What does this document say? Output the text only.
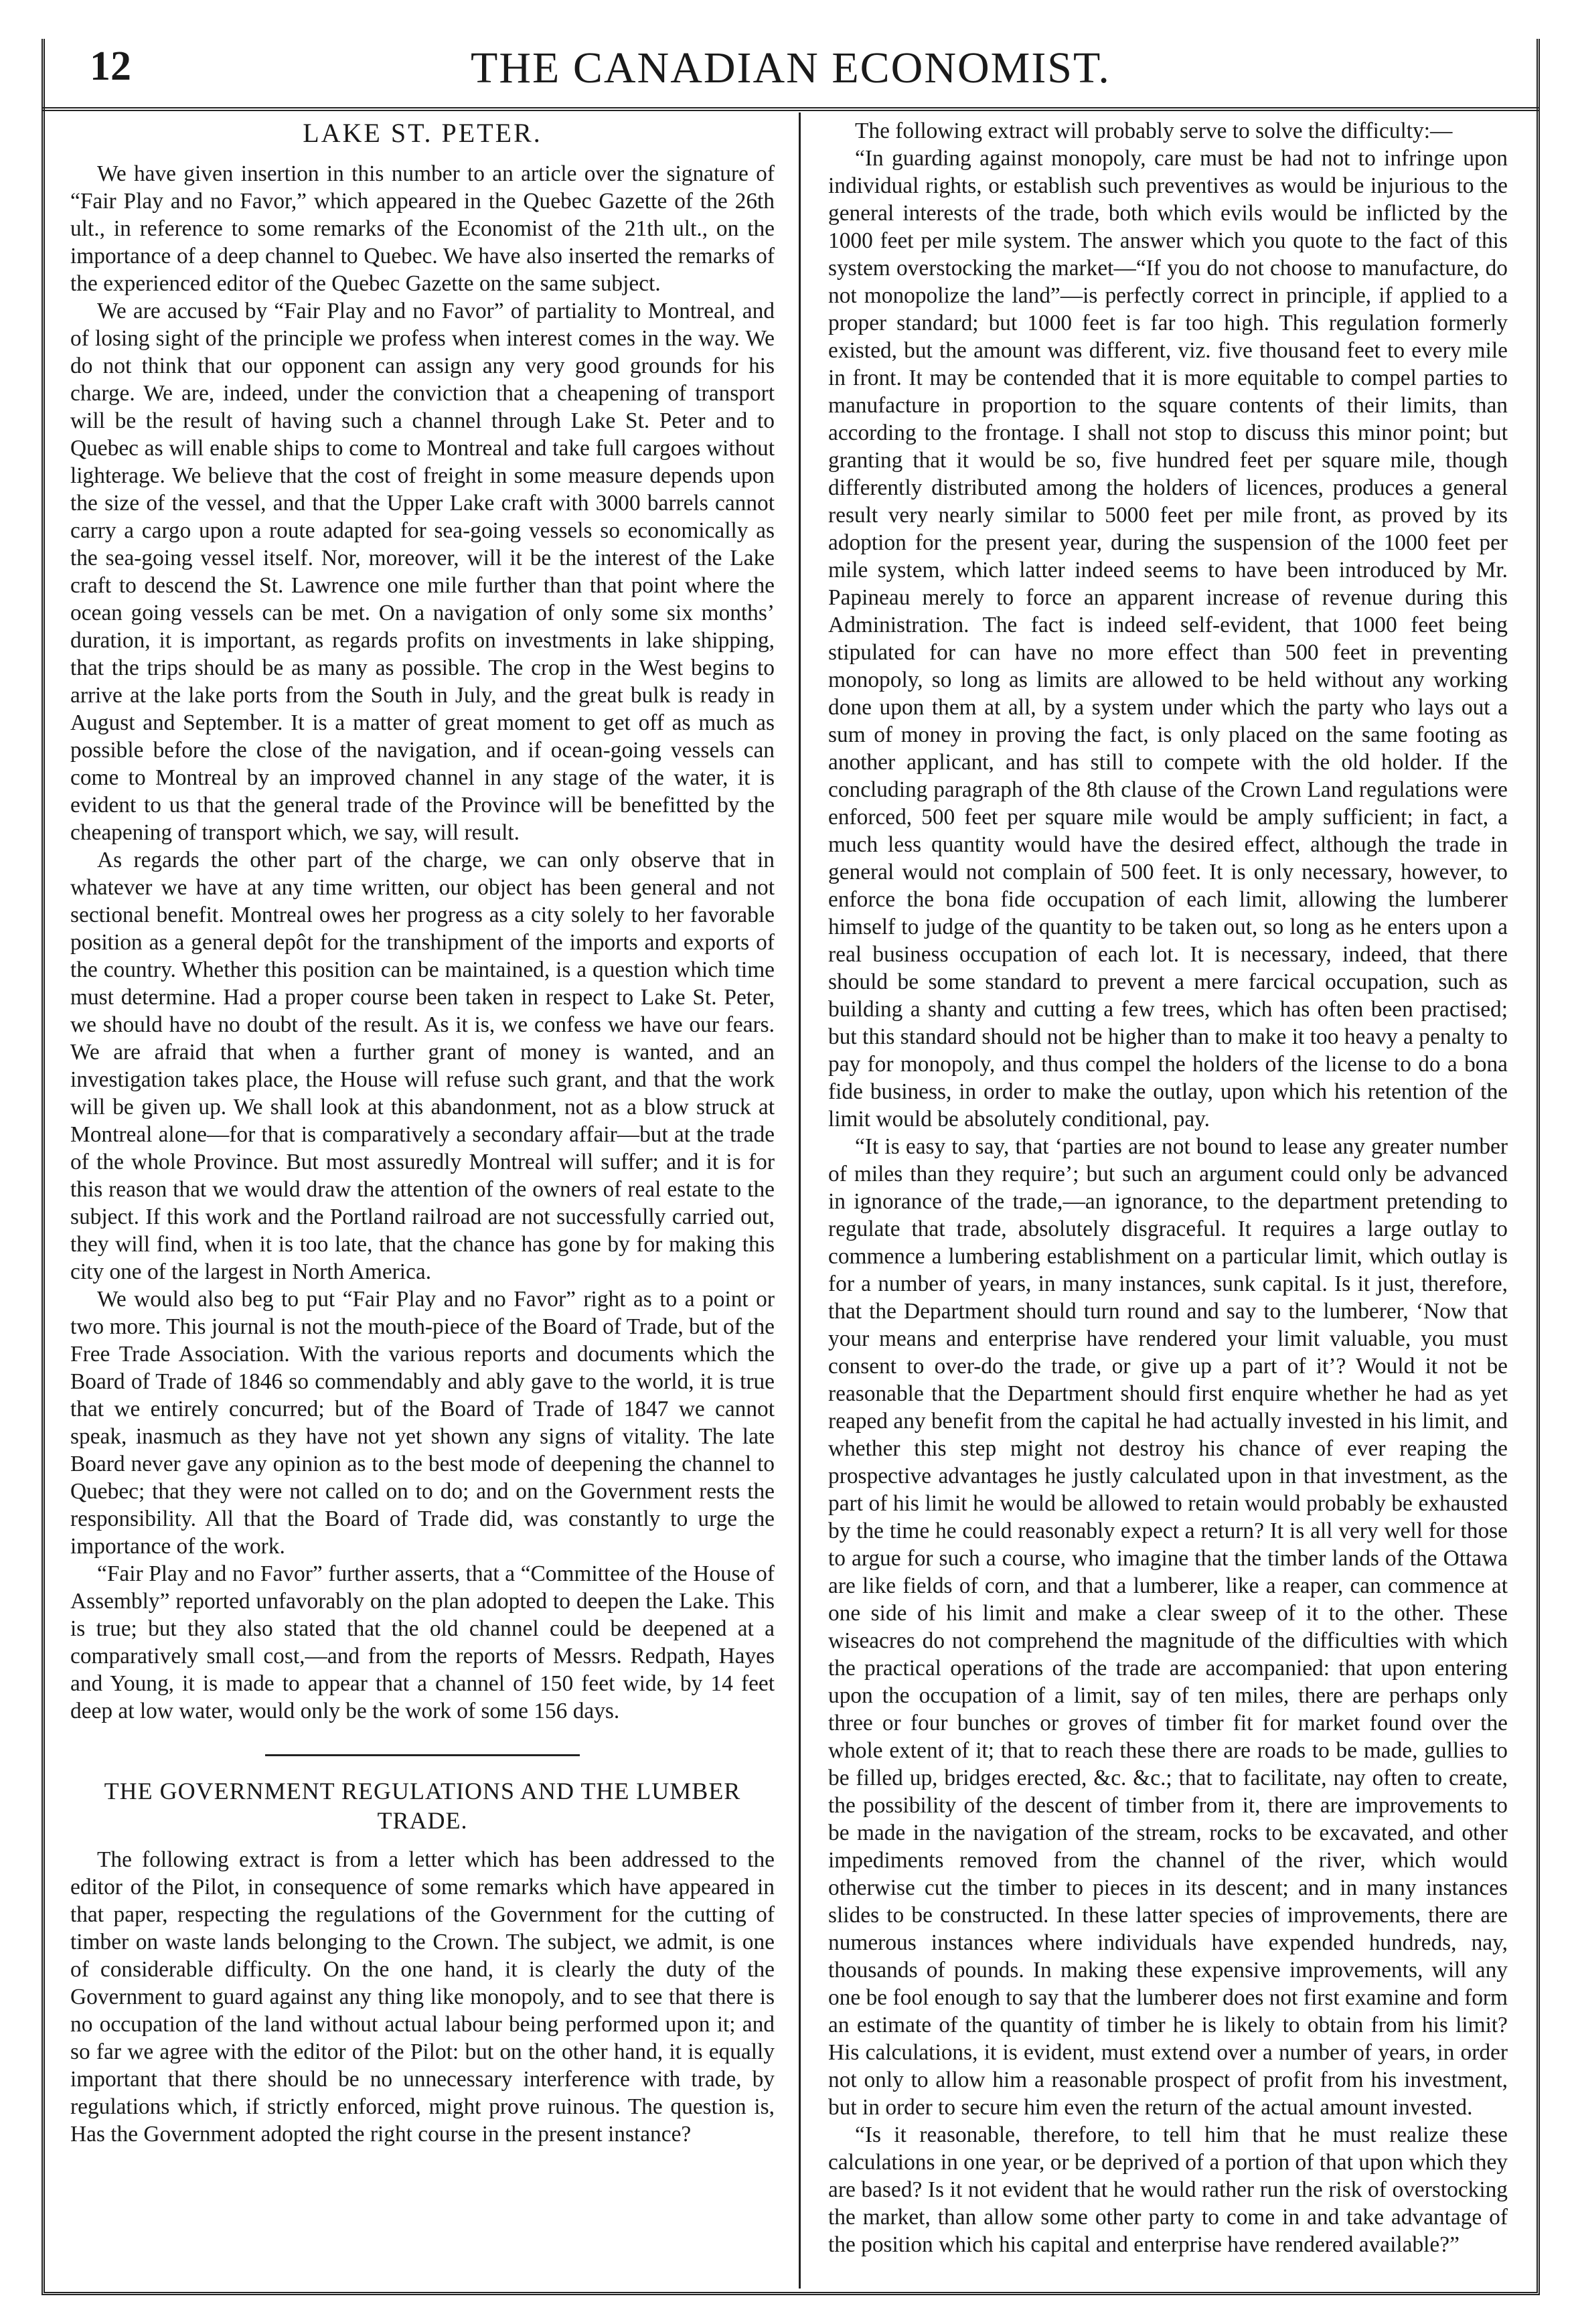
12	THE CANADIAN ECONOMIST.
LAKE ST. PETER.

We have given insertion in this number to an article over the signature of “Fair Play and no Favor,” which appeared in the Quebec Gazette of the 26th ult., in reference to some remarks of the Economist of the 21th ult., on the importance of a deep channel to Quebec. We have also inserted the remarks of the experienced editor of the Quebec Gazette on the same subject.

We are accused by “Fair Play and no Favor” of partiality to Montreal, and of losing sight of the principle we profess when interest comes in the way. We do not think that our opponent can assign any very good grounds for his charge. We are, indeed, under the conviction that a cheapening of transport will be the result of having such a channel through Lake St. Peter and to Quebec as will enable ships to come to Montreal and take full cargoes without lighterage. We believe that the cost of freight in some measure depends upon the size of the vessel, and that the Upper Lake craft with 3000 barrels cannot carry a cargo upon a route adapted for sea-going vessels so economically as the sea-going vessel itself. Nor, moreover, will it be the interest of the Lake craft to descend the St. Lawrence one mile further than that point where the ocean going vessels can be met. On a navigation of only some six months’ duration, it is important, as regards profits on investments in lake shipping, that the trips should be as many as possible. The crop in the West begins to arrive at the lake ports from the South in July, and the great bulk is ready in August and September. It is a matter of great moment to get off as much as possible before the close of the navigation, and if ocean-going vessels can come to Montreal by an improved channel in any stage of the water, it is evident to us that the general trade of the Province will be benefitted by the cheapening of transport which, we say, will result.

As regards the other part of the charge, we can only observe that in whatever we have at any time written, our object has been general and not sectional benefit. Montreal owes her progress as a city solely to her favorable position as a general depôt for the transhipment of the imports and exports of the country. Whether this position can be maintained, is a question which time must determine. Had a proper course been taken in respect to Lake St. Peter, we should have no doubt of the result. As it is, we confess we have our fears. We are afraid that when a further grant of money is wanted, and an investigation takes place, the House will refuse such grant, and that the work will be given up. We shall look at this abandonment, not as a blow struck at Montreal alone—for that is comparatively a secondary affair—but at the trade of the whole Province. But most assuredly Montreal will suffer; and it is for this reason that we would draw the attention of the owners of real estate to the subject. If this work and the Portland railroad are not successfully carried out, they will find, when it is too late, that the chance has gone by for making this city one of the largest in North America.

We would also beg to put “Fair Play and no Favor” right as to a point or two more. This journal is not the mouth-piece of the Board of Trade, but of the Free Trade Association. With the various reports and documents which the Board of Trade of 1846 so commendably and ably gave to the world, it is true that we entirely concurred; but of the Board of Trade of 1847 we cannot speak, inasmuch as they have not yet shown any signs of vitality. The late Board never gave any opinion as to the best mode of deepening the channel to Quebec; that they were not called on to do; and on the Government rests the responsibility. All that the Board of Trade did, was constantly to urge the importance of the work.

“Fair Play and no Favor” further asserts, that a “Committee of the House of Assembly” reported unfavorably on the plan adopted to deepen the Lake. This is true; but they also stated that the old channel could be deepened at a comparatively small cost,—and from the reports of Messrs. Redpath, Hayes and Young, it is made to appear that a channel of 150 feet wide, by 14 feet deep at low water, would only be the work of some 156 days.

THE GOVERNMENT REGULATIONS AND THE LUMBER TRADE.

The following extract is from a letter which has been addressed to the editor of the Pilot, in consequence of some remarks which have appeared in that paper, respecting the regulations of the Government for the cutting of timber on waste lands belonging to the Crown. The subject, we admit, is one of considerable difficulty. On the one hand, it is clearly the duty of the Government to guard against any thing like monopoly, and to see that there is no occupation of the land without actual labour being performed upon it; and so far we agree with the editor of the Pilot: but on the other hand, it is equally important that there should be no unnecessary interference with trade, by regulations which, if strictly enforced, might prove ruinous. The question is, Has the Government adopted the right course in the present instance?

The following extract will probably serve to solve the difficulty:—

“In guarding against monopoly, care must be had not to infringe upon individual rights, or establish such preventives as would be injurious to the general interests of the trade, both which evils would be inflicted by the 1000 feet per mile system. The answer which you quote to the fact of this system overstocking the market—“If you do not choose to manufacture, do not monopolize the land”—is perfectly correct in principle, if applied to a proper standard; but 1000 feet is far too high. This regulation formerly existed, but the amount was different, viz. five thousand feet to every mile in front. It may be contended that it is more equitable to compel parties to manufacture in proportion to the square contents of their limits, than according to the frontage. I shall not stop to discuss this minor point; but granting that it would be so, five hundred feet per square mile, though differently distributed among the holders of licences, produces a general result very nearly similar to 5000 feet per mile front, as proved by its adoption for the present year, during the suspension of the 1000 feet per mile system, which latter indeed seems to have been introduced by Mr. Papineau merely to force an apparent increase of revenue during this Administration. The fact is indeed self-evident, that 1000 feet being stipulated for can have no more effect than 500 feet in preventing monopoly, so long as limits are allowed to be held without any working done upon them at all, by a system under which the party who lays out a sum of money in proving the fact, is only placed on the same footing as another applicant, and has still to compete with the old holder. If the concluding paragraph of the 8th clause of the Crown Land regulations were enforced, 500 feet per square mile would be amply sufficient; in fact, a much less quantity would have the desired effect, although the trade in general would not complain of 500 feet. It is only necessary, however, to enforce the bona fide occupation of each limit, allowing the lumberer himself to judge of the quantity to be taken out, so long as he enters upon a real business occupation of each lot. It is necessary, indeed, that there should be some standard to prevent a mere farcical occupation, such as building a shanty and cutting a few trees, which has often been practised; but this standard should not be higher than to make it too heavy a penalty to pay for monopoly, and thus compel the holders of the license to do a bona fide business, in order to make the outlay, upon which his retention of the limit would be absolutely conditional, pay.

“It is easy to say, that ‘parties are not bound to lease any greater number of miles than they require’; but such an argument could only be advanced in ignorance of the trade,—an ignorance, to the department pretending to regulate that trade, absolutely disgraceful. It requires a large outlay to commence a lumbering establishment on a particular limit, which outlay is for a number of years, in many instances, sunk capital. Is it just, therefore, that the Department should turn round and say to the lumberer, ‘Now that your means and enterprise have rendered your limit valuable, you must consent to over-do the trade, or give up a part of it’? Would it not be reasonable that the Department should first enquire whether he had as yet reaped any benefit from the capital he had actually invested in his limit, and whether this step might not destroy his chance of ever reaping the prospective advantages he justly calculated upon in that investment, as the part of his limit he would be allowed to retain would probably be exhausted by the time he could reasonably expect a return? It is all very well for those to argue for such a course, who imagine that the timber lands of the Ottawa are like fields of corn, and that a lumberer, like a reaper, can commence at one side of his limit and make a clear sweep of it to the other. These wiseacres do not comprehend the magnitude of the difficulties with which the practical operations of the trade are accompanied: that upon entering upon the occupation of a limit, say of ten miles, there are perhaps only three or four bunches or groves of timber fit for market found over the whole extent of it; that to reach these there are roads to be made, gullies to be filled up, bridges erected, &c. &c.; that to facilitate, nay often to create, the possibility of the descent of timber from it, there are improvements to be made in the navigation of the stream, rocks to be excavated, and other impediments removed from the channel of the river, which would otherwise cut the timber to pieces in its descent; and in many instances slides to be constructed. In these latter species of improvements, there are numerous instances where individuals have expended hundreds, nay, thousands of pounds. In making these expensive improvements, will any one be fool enough to say that the lumberer does not first examine and form an estimate of the quantity of timber he is likely to obtain from his limit? His calculations, it is evident, must extend over a number of years, in order not only to allow him a reasonable prospect of profit from his investment, but in order to secure him even the return of the actual amount invested.

“Is it reasonable, therefore, to tell him that he must realize these calculations in one year, or be deprived of a portion of that upon which they are based? Is it not evident that he would rather run the risk of overstocking the market, than allow some other party to come in and take advantage of the position which his capital and enterprise have rendered available?”
